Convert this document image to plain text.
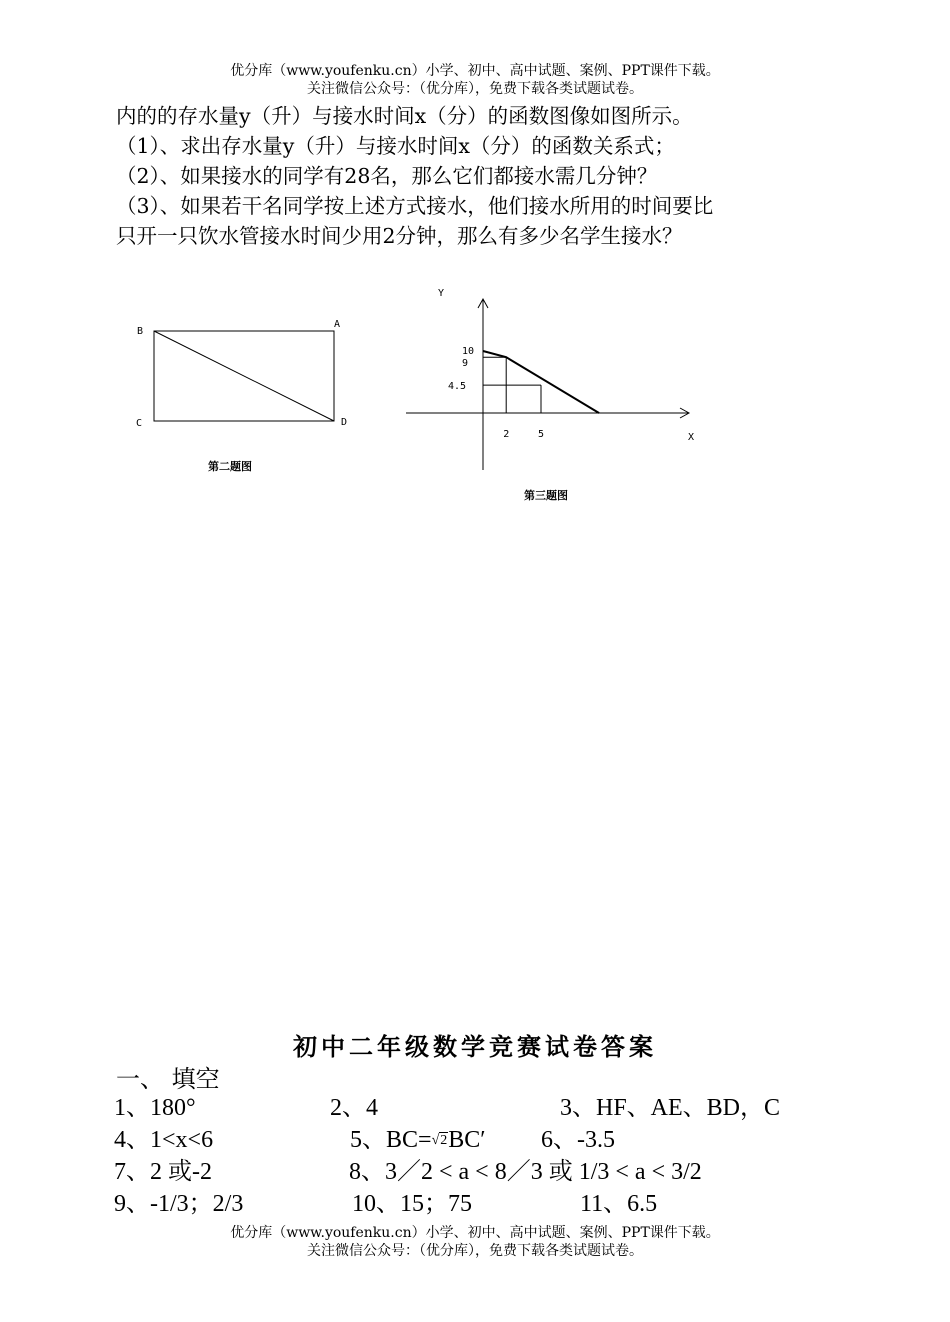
优分库（www.youfenku.cn）小学、初中、高中试题、案例、PPT课件下载。
关注微信公众号：（优分库），免费下载各类试题试卷。
内的的存水量y（升）与接水时间x（分）的函数图像如图所示。
（1）、求出存水量y（升）与接水时间x（分）的函数关系式；
（2）、如果接水的同学有28名，那么它们都接水需几分钟？
（3）、如果若干名同学按上述方式接水，他们接水所用的时间要比
只开一只饮水管接水时间少用2分钟，那么有多少名学生接水？
B
A
C	D
第二题图
Y
X
10
9
4.5
2	5
第三题图
初中二年级数学竞赛试卷答案
一、 填空
1、180°	2、4	3、HF、AE、BD，C
4、1<x<6	5、BC=√2BC′ 6、-3.5
7、2 或-2	8、3／2 < a < 8／3 或 1/3 < a < 3/2
9、-1/3；2/3	10、15；75	11、6.5
优分库（www.youfenku.cn）小学、初中、高中试题、案例、PPT课件下载。
关注微信公众号：（优分库），免费下载各类试题试卷。
